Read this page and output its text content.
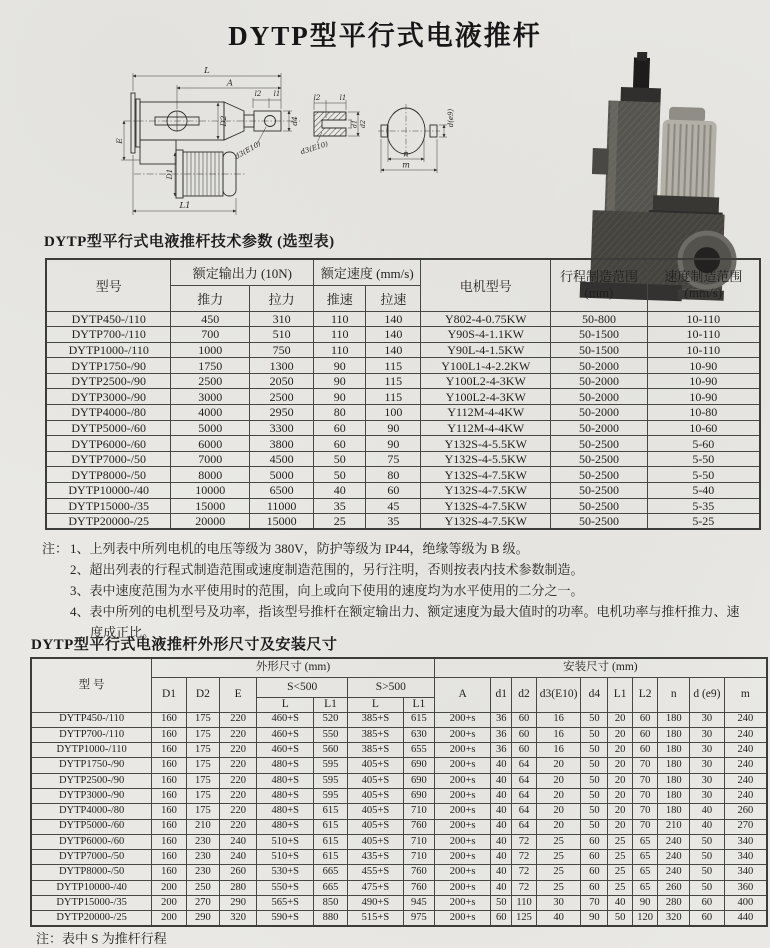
DYTP型平行式电液推杆
L
A
l2 l1
D2	d4
E
D1
L1
d3(E10)
l2	l1
d1 d2
d3(E10)
d(e9)
n
m
DYTP型平行式电液推杆技术参数 (选型表)
型号	额定输出力 (10N)	额定速度 (mm/s)	电机型号	
行程制造范围
(mm)

速度制造范围
(mm/s)

	推力	拉力	推速	拉速			
DYTP450-/110	450	310	110	140	Y802-4-0.75KW	50-800	10-110
DYTP700-/110	700	510	110	140	Y90S-4-1.1KW	50-1500	10-110
DYTP1000-/110	1000	750	110	140	Y90L-4-1.5KW	50-1500	10-110
DYTP1750-/90	1750	1300	90	115	Y100L1-4-2.2KW	50-2000	10-90
DYTP2500-/90	2500	2050	90	115	Y100L2-4-3KW	50-2000	10-90
DYTP3000-/90	3000	2500	90	115	Y100L2-4-3KW	50-2000	10-90
DYTP4000-/80	4000	2950	80	100	Y112M-4-4KW	50-2000	10-80
DYTP5000-/60	5000	3300	60	90	Y112M-4-4KW	50-2000	10-60
DYTP6000-/60	6000	3800	60	90	Y132S-4-5.5KW	50-2500	5-60
DYTP7000-/50	7000	4500	50	75	Y132S-4-5.5KW	50-2500	5-50
DYTP8000-/50	8000	5000	50	80	Y132S-4-7.5KW	50-2500	5-50
DYTP10000-/40	10000	6500	40	60	Y132S-4-7.5KW	50-2500	5-40
DYTP15000-/35	15000	11000	35	45	Y132S-4-7.5KW	50-2500	5-35
DYTP20000-/25	20000	15000	25	35	Y132S-4-7.5KW	50-2500	5-25
注： 1、上列表中所列电机的电压等级为 380V，防护等级为 IP44，绝缘等级为 B 级。
2、超出列表的行程式制造范围或速度制造范围的，另行注明，否则按表内技术参数制造。
3、表中速度范围为水平使用时的范围，向上或向下使用的速度均为水平使用的二分之一。
4、表中所列的电机型号及功率，指该型号推杆在额定输出力、额定速度为最大值时的功率。电机功率与推杆推力、速度成正比。
DYTP型平行式电液推杆外形尺寸及安装尺寸
型 号	外形尺寸 (mm)							安装尺寸 (mm)									
	D1	D2	E	S<500		S>500		A	d1	d2	d3(E10)	d4	L1	L2	n	d (e9)	m
				L	L1	L	L1										
DYTP450-/110	160	175	220	460+S	520	385+S	615	200+s	36	60	16	50	20	60	180	30	240
DYTP700-/110	160	175	220	460+S	550	385+S	630	200+s	36	60	16	50	20	60	180	30	240
DYTP1000-/110	160	175	220	460+S	560	385+S	655	200+s	36	60	16	50	20	60	180	30	240
DYTP1750-/90	160	175	220	480+S	595	405+S	690	200+s	40	64	20	50	20	70	180	30	240
DYTP2500-/90	160	175	220	480+S	595	405+S	690	200+s	40	64	20	50	20	70	180	30	240
DYTP3000-/90	160	175	220	480+S	595	405+S	690	200+s	40	64	20	50	20	70	180	30	240
DYTP4000-/80	160	175	220	480+S	615	405+S	710	200+s	40	64	20	50	20	70	180	40	260
DYTP5000-/60	160	210	220	480+S	615	405+S	760	200+s	40	64	20	50	20	70	210	40	270
DYTP6000-/60	160	230	240	510+S	615	405+S	710	200+s	40	72	25	60	25	65	240	50	340
DYTP7000-/50	160	230	240	510+S	615	435+S	710	200+s	40	72	25	60	25	65	240	50	340
DYTP8000-/50	160	230	260	530+S	665	455+S	760	200+s	40	72	25	60	25	65	240	50	340
DYTP10000-/40	200	250	280	550+S	665	475+S	760	200+s	40	72	25	60	25	65	260	50	360
DYTP15000-/35	200	270	290	565+S	850	490+S	945	200+s	50	110	30	70	40	90	280	60	400
DYTP20000-/25	200	290	320	590+S	880	515+S	975	200+s	60	125	40	90	50	120	320	60	440
注：表中 S 为推杆行程
